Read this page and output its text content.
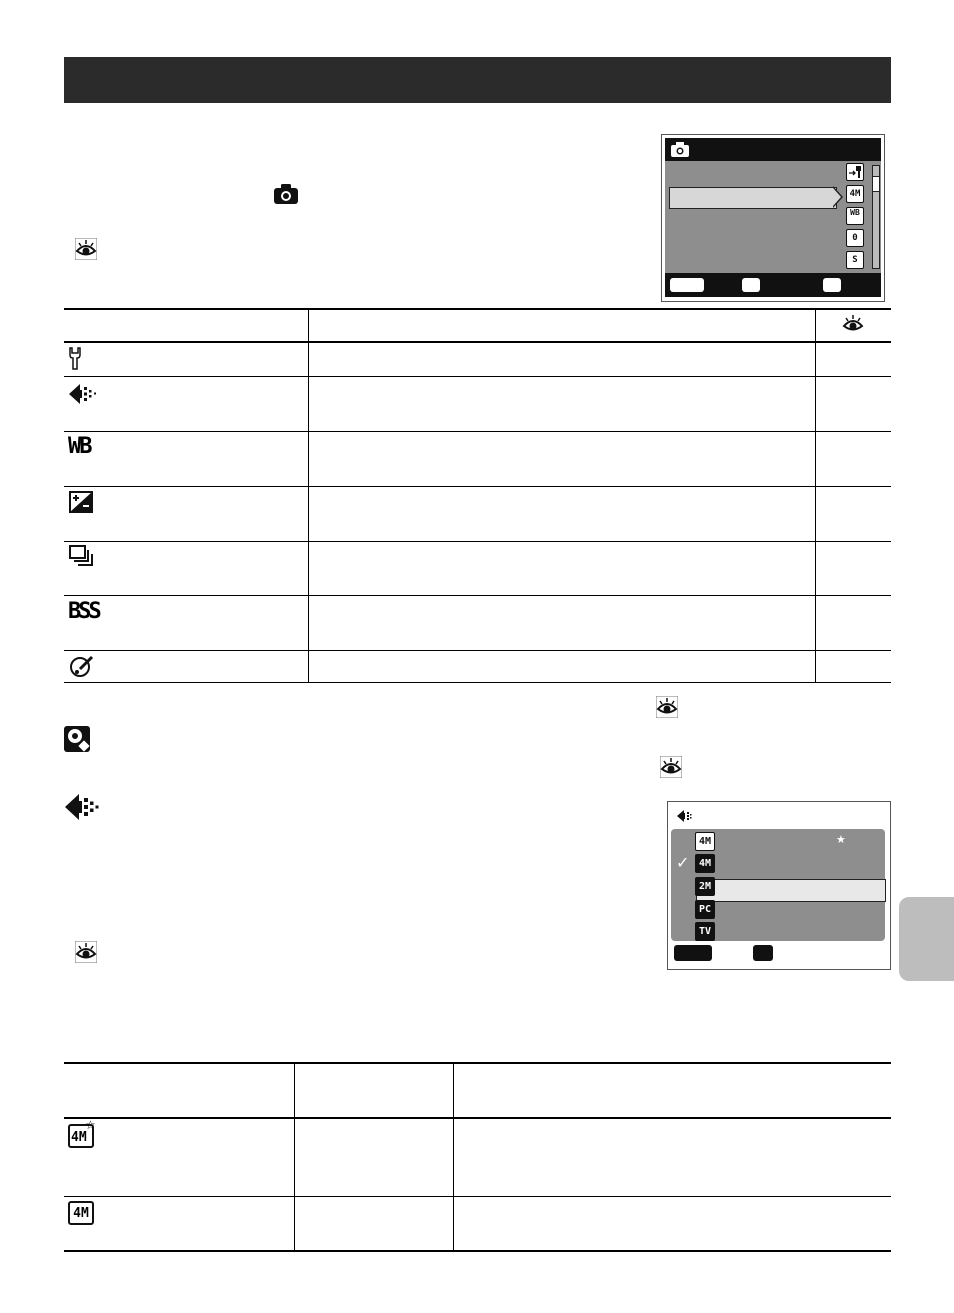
4M
WB
0
S
WB
BSS
4M	★
✓ 4M
2M
PC
TV
4M
☆
4M
